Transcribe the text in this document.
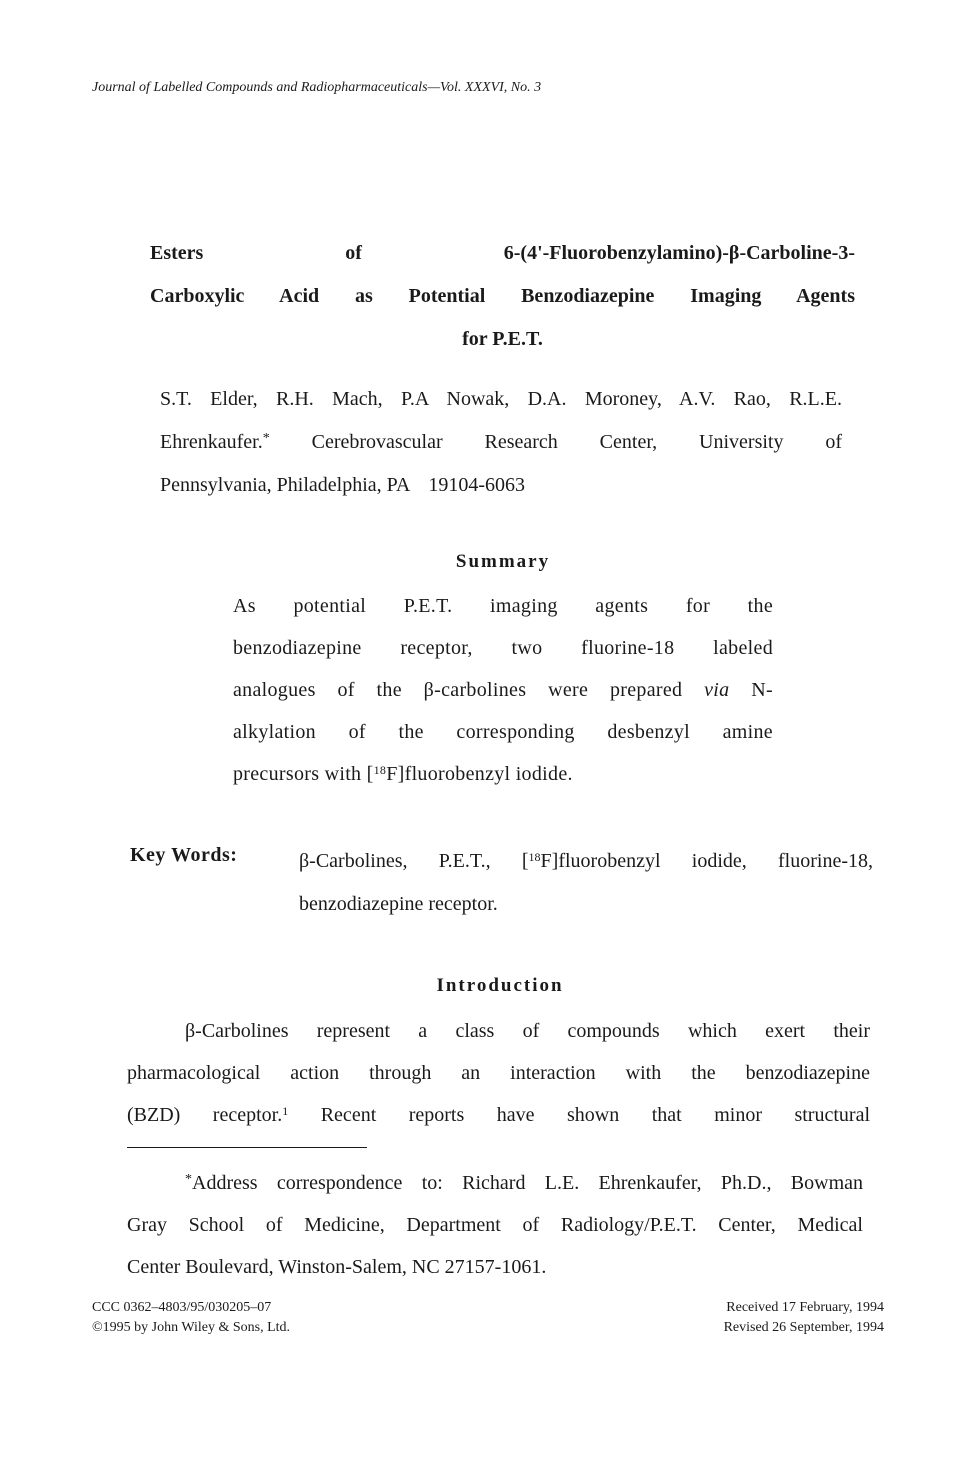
Journal of Labelled Compounds and Radiopharmaceuticals—Vol. XXXVI, No. 3
Esters of 6-(4'-Fluorobenzylamino)-β-Carboline-3-
Carboxylic Acid as Potential Benzodiazepine Imaging Agents
for P.E.T.
S.T. Elder, R.H. Mach, P.A Nowak, D.A. Moroney, A.V. Rao, R.L.E.
Ehrenkaufer.* Cerebrovascular Research Center, University of
Pennsylvania, Philadelphia, PA 19104-6063
Summary
As potential P.E.T. imaging agents for the
benzodiazepine receptor, two fluorine-18 labeled
analogues of the β-carbolines were prepared via N-
alkylation of the corresponding desbenzyl amine
precursors with [$^{18}$F]fluorobenzyl iodide.
Key Words:	β-Carbolines, P.E.T., [$^{18}$F]fluorobenzyl iodide, fluorine-18,
benzodiazepine receptor.
Introduction
β-Carbolines represent a class of compounds which exert their
pharmacological action through an interaction with the benzodiazepine
(BZD) receptor.$^1$ Recent reports have shown that minor structural
*Address correspondence to: Richard L.E. Ehrenkaufer, Ph.D., Bowman
Gray School of Medicine, Department of Radiology/P.E.T. Center, Medical
Center Boulevard, Winston-Salem, NC 27157-1061.
CCC 0362–4803/95/030205–07
©1995 by John Wiley & Sons, Ltd.
Received 17 February, 1994
Revised 26 September, 1994
